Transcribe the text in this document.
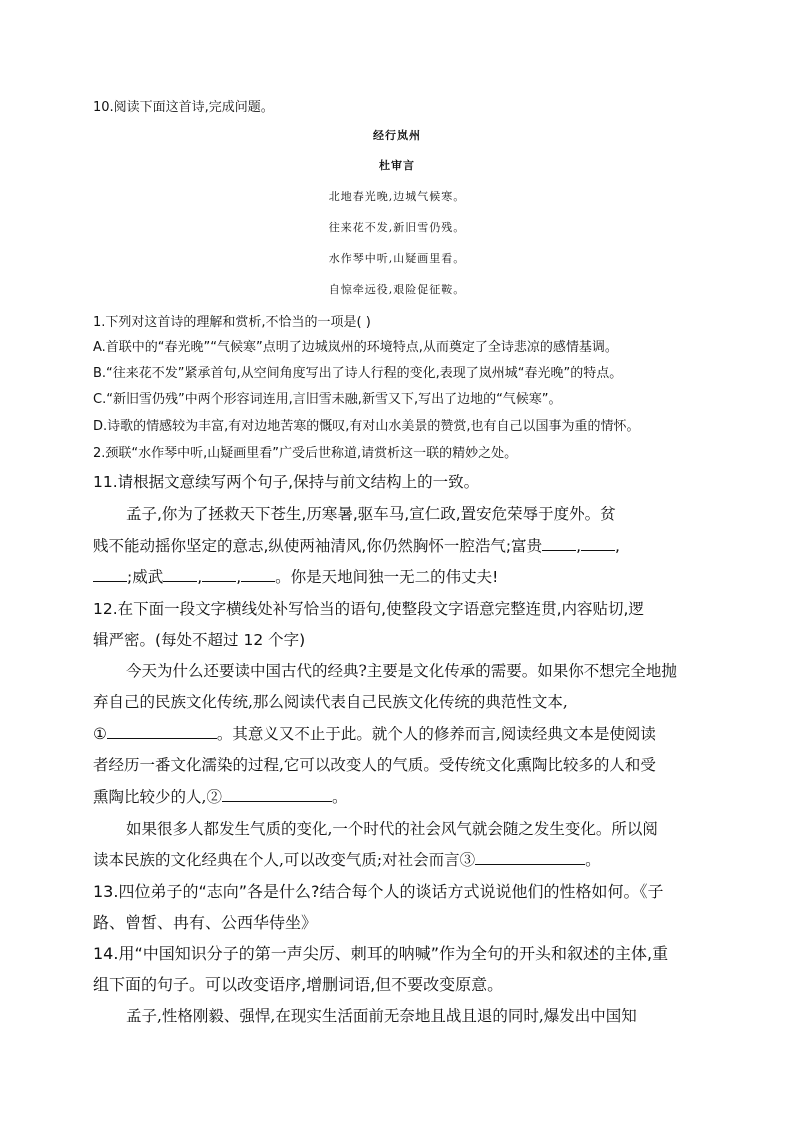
10.阅读下面这首诗,完成问题。

经行岚州

杜审言

北地春光晚,边城气候寒。

往来花不发,新旧雪仍残。

水作琴中听,山疑画里看。

自惊牵远役,艰险促征鞍。

1.下列对这首诗的理解和赏析,不恰当的一项是( )

A.首联中的“春光晚”“气候寒”点明了边城岚州的环境特点,从而奠定了全诗悲凉的感情基调。

B.“往来花不发”紧承首句,从空间角度写出了诗人行程的变化,表现了岚州城“春光晚”的特点。

C.“新旧雪仍残”中两个形容词连用,言旧雪未融,新雪又下,写出了边地的“气候寒”。

D.诗歌的情感较为丰富,有对边地苦寒的慨叹,有对山水美景的赞赏,也有自己以国事为重的情怀。

2.颈联“水作琴中听,山疑画里看”广受后世称道,请赏析这一联的精妙之处。

11.请根据文意续写两个句子,保持与前文结构上的一致。

孟子,你为了拯救天下苍生,历寒暑,驱车马,宣仁政,置安危荣辱于度外。贫

贱不能动摇你坚定的意志,纵使两袖清风,你仍然胸怀一腔浩气;富贵 , ,

;威武 , , 。你是天地间独一无二的伟丈夫!

12.在下面一段文字横线处补写恰当的语句,使整段文字语意完整连贯,内容贴切,逻

辑严密。(每处不超过 12 个字)

今天为什么还要读中国古代的经典?主要是文化传承的需要。如果你不想完全地抛

弃自己的民族文化传统,那么阅读代表自己民族文化传统的典范性文本,

①	。其意义又不止于此。就个人的修养而言,阅读经典文本是使阅读

者经历一番文化濡染的过程,它可以改变人的气质。受传统文化熏陶比较多的人和受

熏陶比较少的人,②	。

如果很多人都发生气质的变化,一个时代的社会风气就会随之发生变化。所以阅

读本民族的文化经典在个人,可以改变气质;对社会而言③	。

13.四位弟子的“志向”各是什么?结合每个人的谈话方式说说他们的性格如何。《子

路、曾皙、冉有、公西华侍坐》

14.用“中国知识分子的第一声尖厉、刺耳的呐喊”作为全句的开头和叙述的主体,重

组下面的句子。可以改变语序,增删词语,但不要改变原意。

孟子,性格刚毅、强悍,在现实生活面前无奈地且战且退的同时,爆发出中国知
